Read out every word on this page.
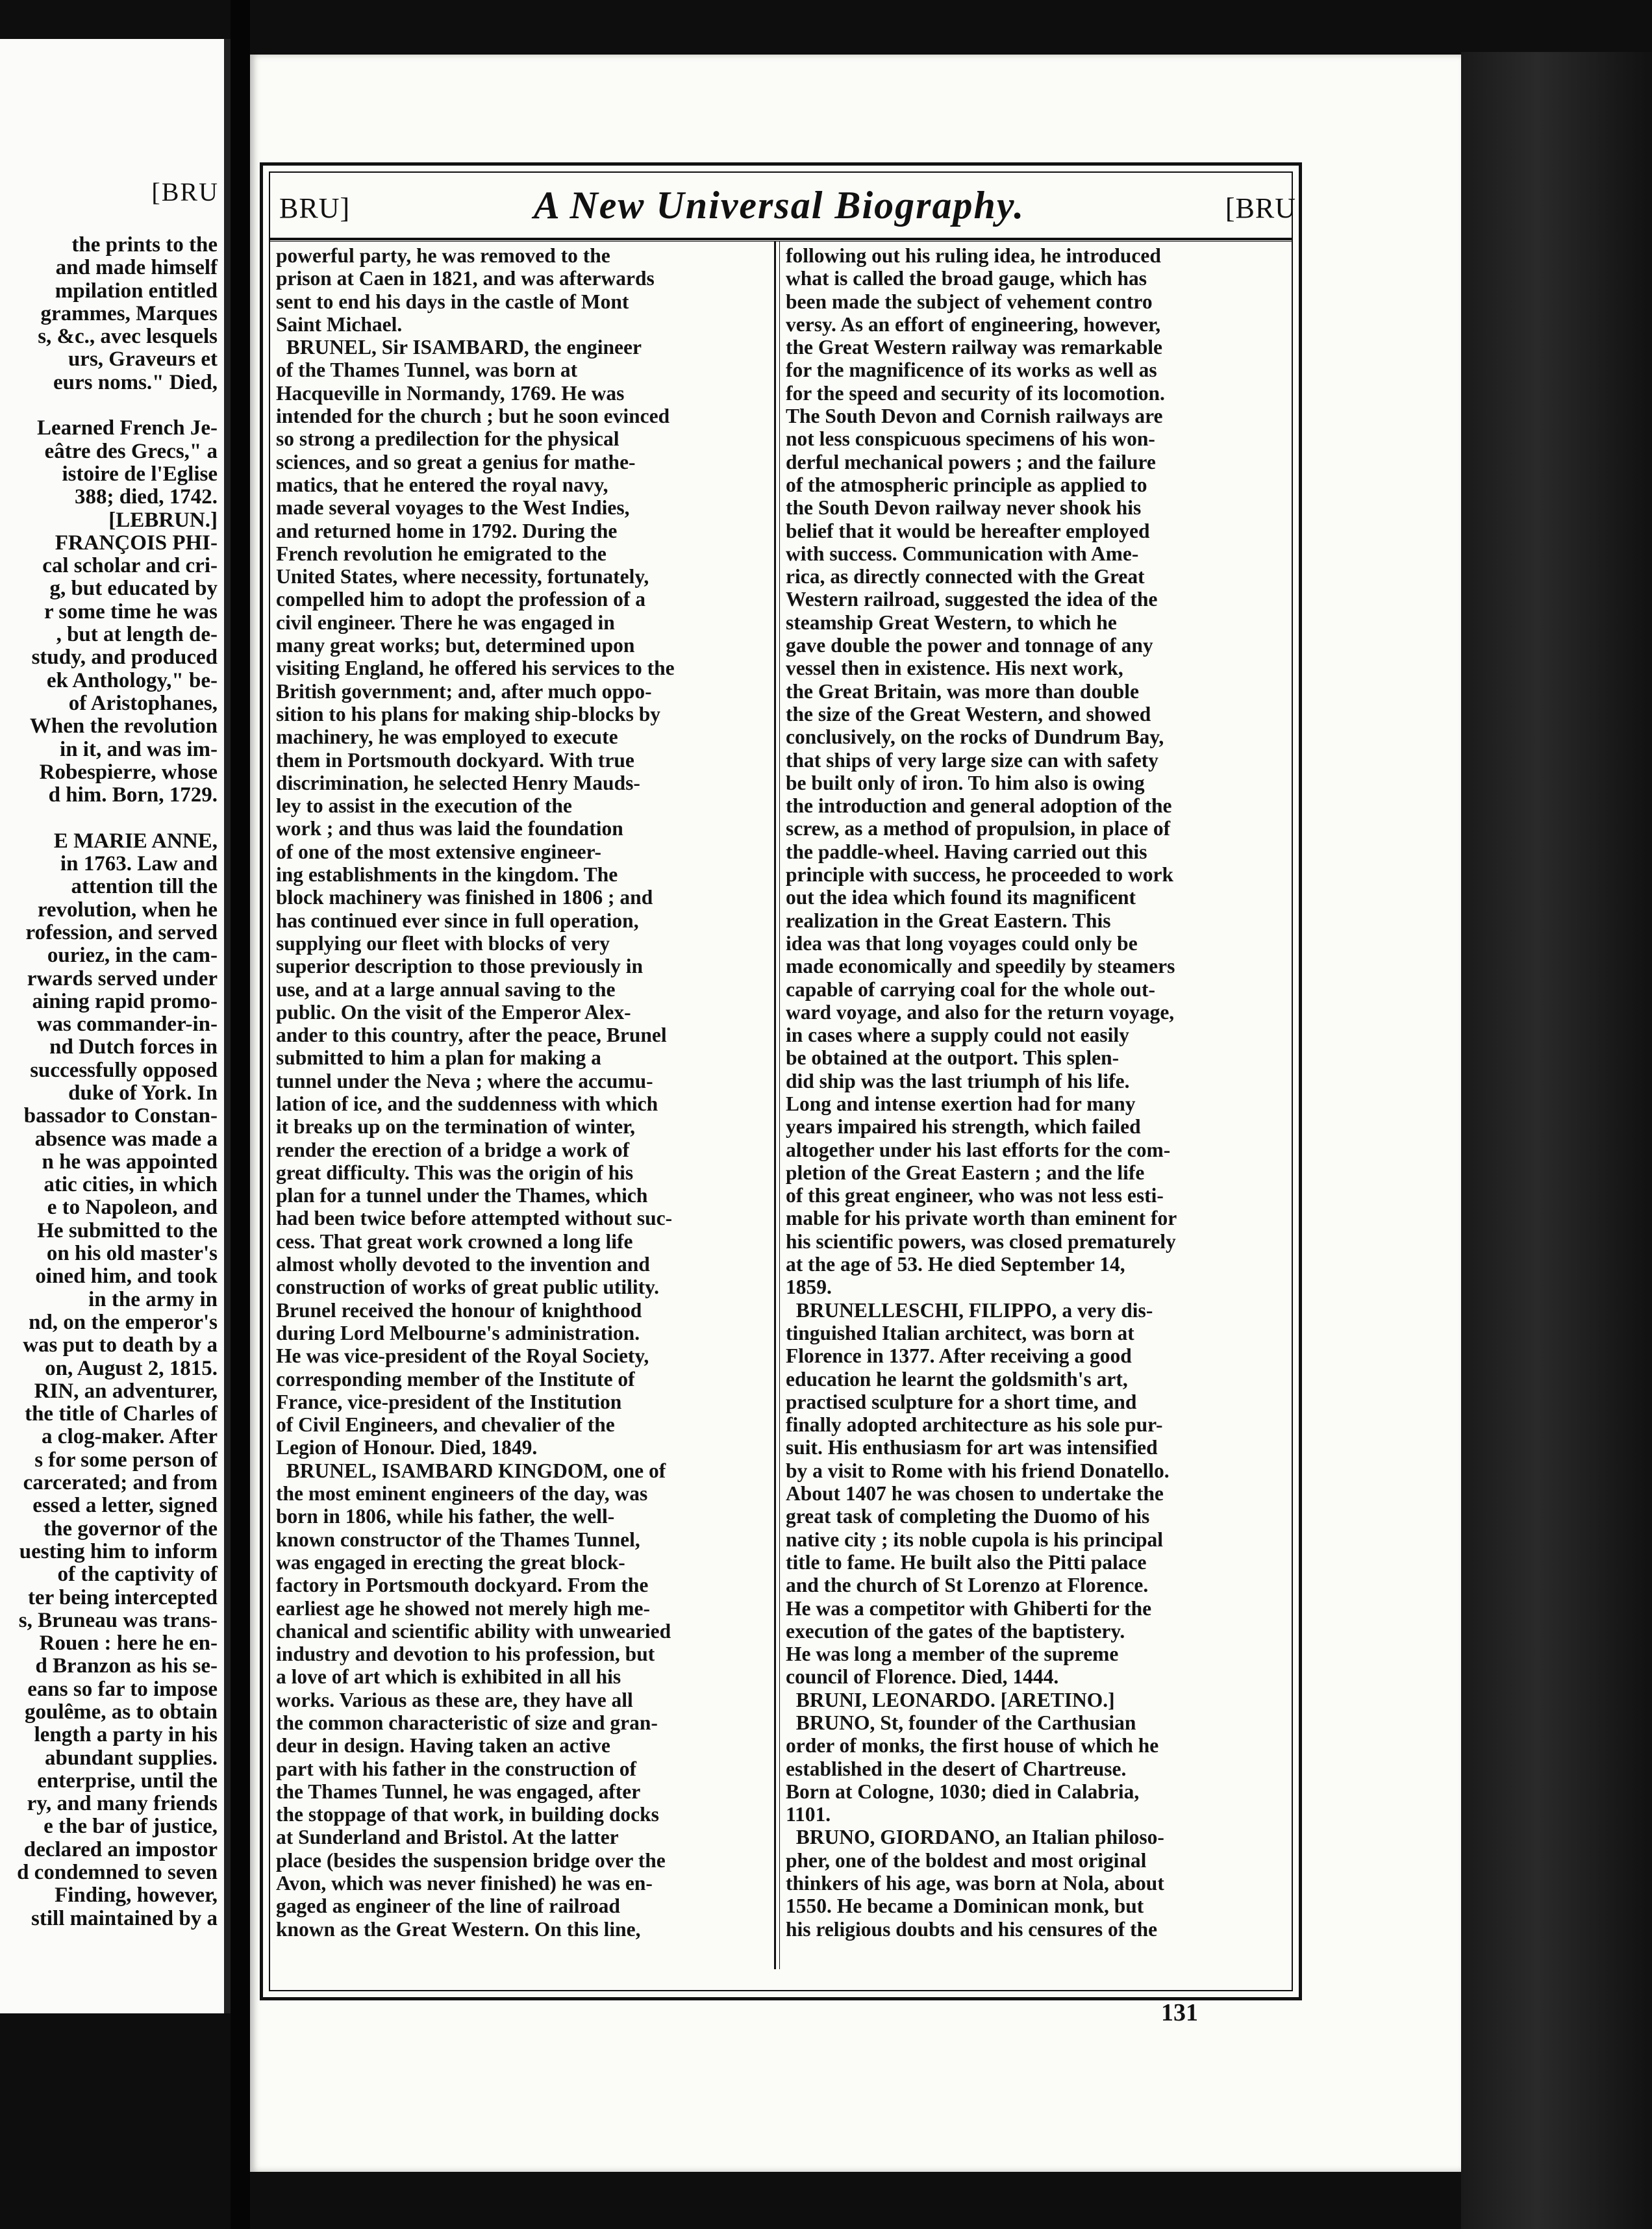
[BRU
the prints to the
and made himself
mpilation entitled
grammes, Marques
s, &c., avec lesquels
urs, Graveurs et
eurs noms." Died,

Learned French Je-
eâtre des Grecs," a
istoire de l'Eglise
388; died, 1742.
[LEBRUN.]
FRANÇOIS PHI-
cal scholar and cri-
g, but educated by
r some time he was
, but at length de-
study, and produced
ek Anthology," be-
of Aristophanes,
When the revolution
in it, and was im-
Robespierre, whose
d him. Born, 1729.

E MARIE ANNE,
in 1763. Law and
attention till the
revolution, when he
rofession, and served
ouriez, in the cam-
rwards served under
aining rapid promo-
was commander-in-
nd Dutch forces in
successfully opposed
duke of York. In
bassador to Constan-
absence was made a
n he was appointed
atic cities, in which
e to Napoleon, and
He submitted to the
on his old master's
oined him, and took
in the army in
nd, on the emperor's
was put to death by a
on, August 2, 1815.
RIN, an adventurer,
the title of Charles of
a clog-maker. After
s for some person of
carcerated; and from
essed a letter, signed
the governor of the
uesting him to inform
of the captivity of
ter being intercepted
s, Bruneau was trans-
Rouen : here he en-
d Branzon as his se-
eans so far to impose
goulême, as to obtain
length a party in his
abundant supplies.
enterprise, until the
ry, and many friends
e the bar of justice,
declared an impostor
d condemned to seven
Finding, however,
still maintained by a
BRU]	A New Universal Biography.	[BRU
powerful party, he was removed to the
prison at Caen in 1821, and was afterwards
sent to end his days in the castle of Mont
Saint Michael.
BRUNEL, Sir ISAMBARD, the engineer
of the Thames Tunnel, was born at
Hacqueville in Normandy, 1769. He was
intended for the church ; but he soon evinced
so strong a predilection for the physical
sciences, and so great a genius for mathe-
matics, that he entered the royal navy,
made several voyages to the West Indies,
and returned home in 1792. During the
French revolution he emigrated to the
United States, where necessity, fortunately,
compelled him to adopt the profession of a
civil engineer. There he was engaged in
many great works; but, determined upon
visiting England, he offered his services to the
British government; and, after much oppo-
sition to his plans for making ship-blocks by
machinery, he was employed to execute
them in Portsmouth dockyard. With true
discrimination, he selected Henry Mauds-
ley to assist in the execution of the
work ; and thus was laid the foundation
of one of the most extensive engineer-
ing establishments in the kingdom. The
block machinery was finished in 1806 ; and
has continued ever since in full operation,
supplying our fleet with blocks of very
superior description to those previously in
use, and at a large annual saving to the
public. On the visit of the Emperor Alex-
ander to this country, after the peace, Brunel
submitted to him a plan for making a
tunnel under the Neva ; where the accumu-
lation of ice, and the suddenness with which
it breaks up on the termination of winter,
render the erection of a bridge a work of
great difficulty. This was the origin of his
plan for a tunnel under the Thames, which
had been twice before attempted without suc-
cess. That great work crowned a long life
almost wholly devoted to the invention and
construction of works of great public utility.
Brunel received the honour of knighthood
during Lord Melbourne's administration.
He was vice-president of the Royal Society,
corresponding member of the Institute of
France, vice-president of the Institution
of Civil Engineers, and chevalier of the
Legion of Honour. Died, 1849.
BRUNEL, ISAMBARD KINGDOM, one of
the most eminent engineers of the day, was
born in 1806, while his father, the well-
known constructor of the Thames Tunnel,
was engaged in erecting the great block-
factory in Portsmouth dockyard. From the
earliest age he showed not merely high me-
chanical and scientific ability with unwearied
industry and devotion to his profession, but
a love of art which is exhibited in all his
works. Various as these are, they have all
the common characteristic of size and gran-
deur in design. Having taken an active
part with his father in the construction of
the Thames Tunnel, he was engaged, after
the stoppage of that work, in building docks
at Sunderland and Bristol. At the latter
place (besides the suspension bridge over the
Avon, which was never finished) he was en-
gaged as engineer of the line of railroad
known as the Great Western. On this line,
following out his ruling idea, he introduced
what is called the broad gauge, which has
been made the subject of vehement contro
versy. As an effort of engineering, however,
the Great Western railway was remarkable
for the magnificence of its works as well as
for the speed and security of its locomotion.
The South Devon and Cornish railways are
not less conspicuous specimens of his won-
derful mechanical powers ; and the failure
of the atmospheric principle as applied to
the South Devon railway never shook his
belief that it would be hereafter employed
with success. Communication with Ame-
rica, as directly connected with the Great
Western railroad, suggested the idea of the
steamship Great Western, to which he
gave double the power and tonnage of any
vessel then in existence. His next work,
the Great Britain, was more than double
the size of the Great Western, and showed
conclusively, on the rocks of Dundrum Bay,
that ships of very large size can with safety
be built only of iron. To him also is owing
the introduction and general adoption of the
screw, as a method of propulsion, in place of
the paddle-wheel. Having carried out this
principle with success, he proceeded to work
out the idea which found its magnificent
realization in the Great Eastern. This
idea was that long voyages could only be
made economically and speedily by steamers
capable of carrying coal for the whole out-
ward voyage, and also for the return voyage,
in cases where a supply could not easily
be obtained at the outport. This splen-
did ship was the last triumph of his life.
Long and intense exertion had for many
years impaired his strength, which failed
altogether under his last efforts for the com-
pletion of the Great Eastern ; and the life
of this great engineer, who was not less esti-
mable for his private worth than eminent for
his scientific powers, was closed prematurely
at the age of 53. He died September 14,
1859.
BRUNELLESCHI, FILIPPO, a very dis-
tinguished Italian architect, was born at
Florence in 1377. After receiving a good
education he learnt the goldsmith's art,
practised sculpture for a short time, and
finally adopted architecture as his sole pur-
suit. His enthusiasm for art was intensified
by a visit to Rome with his friend Donatello.
About 1407 he was chosen to undertake the
great task of completing the Duomo of his
native city ; its noble cupola is his principal
title to fame. He built also the Pitti palace
and the church of St Lorenzo at Florence.
He was a competitor with Ghiberti for the
execution of the gates of the baptistery.
He was long a member of the supreme
council of Florence. Died, 1444.
BRUNI, LEONARDO. [ARETINO.]
BRUNO, St, founder of the Carthusian
order of monks, the first house of which he
established in the desert of Chartreuse.
Born at Cologne, 1030; died in Calabria,
1101.
BRUNO, GIORDANO, an Italian philoso-
pher, one of the boldest and most original
thinkers of his age, was born at Nola, about
1550. He became a Dominican monk, but
his religious doubts and his censures of the
131
